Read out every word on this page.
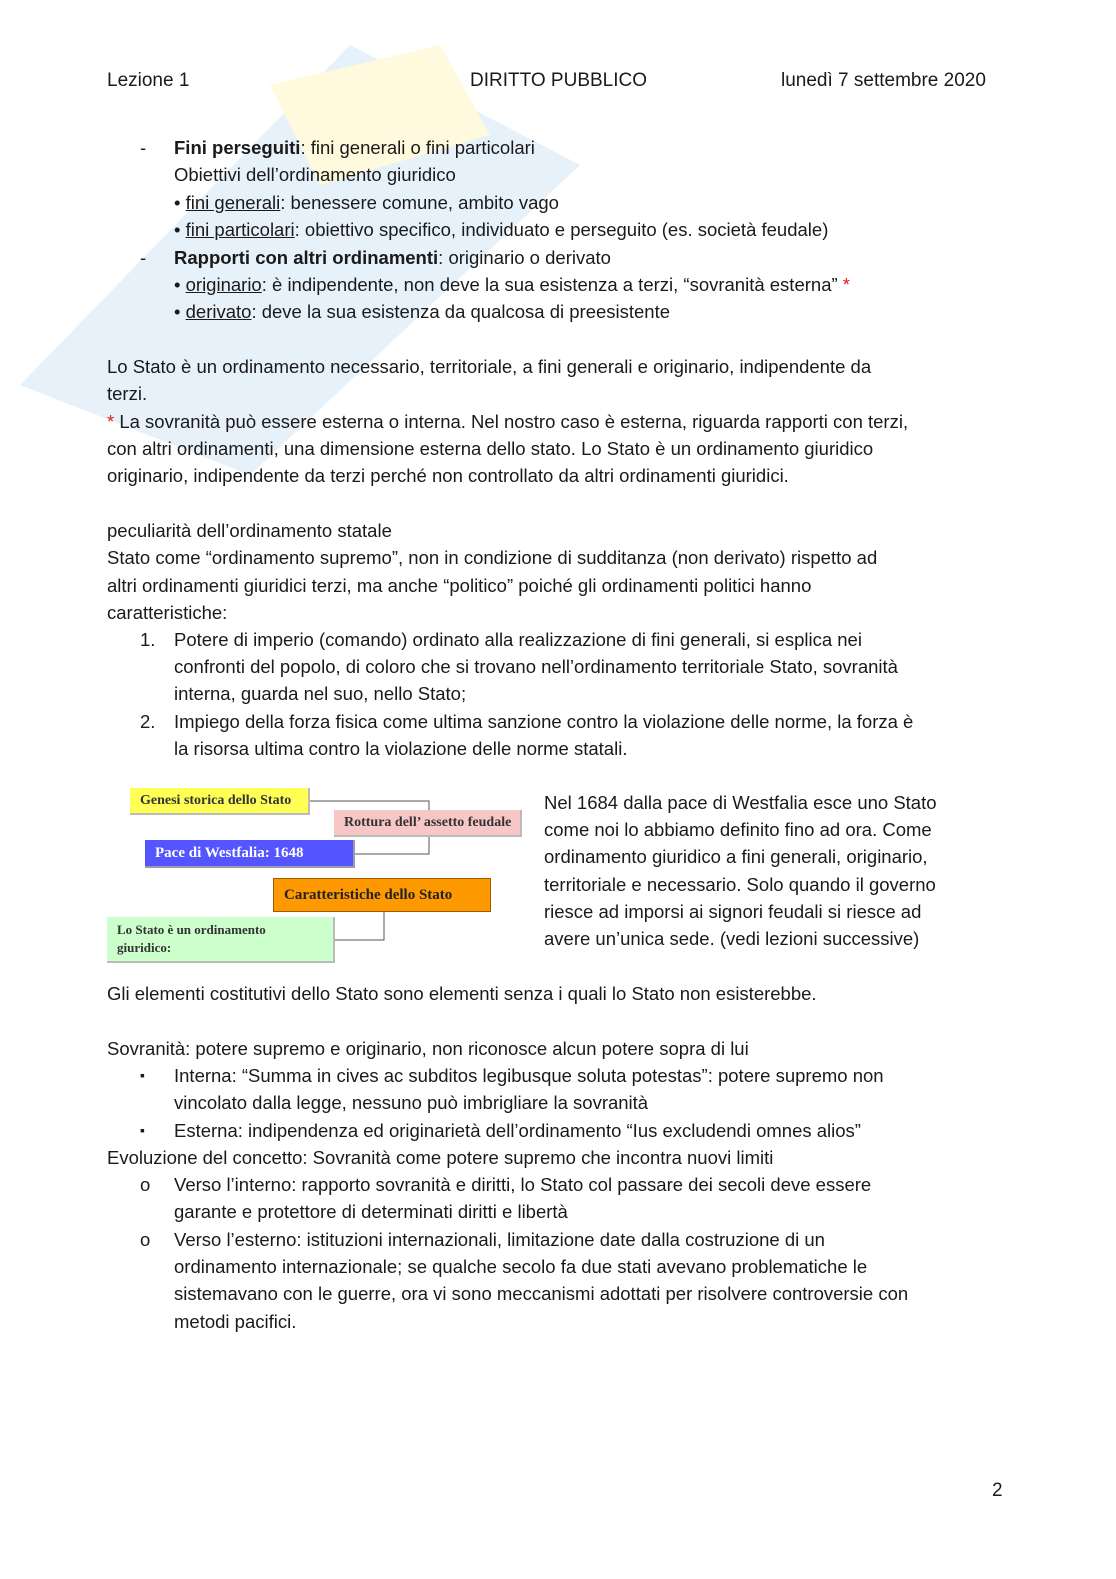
Lezione 1	DIRITTO PUBBLICO	lunedì 7 settembre 2020
- Fini perseguiti: fini generali o fini particolari
Obiettivi dell’ordinamento giuridico
• fini generali: benessere comune, ambito vago
• fini particolari: obiettivo specifico, individuato e perseguito (es. società feudale)
- Rapporti con altri ordinamenti: originario o derivato
• originario: è indipendente, non deve la sua esistenza a terzi, “sovranità esterna” *
• derivato: deve la sua esistenza da qualcosa di preesistente
Lo Stato è un ordinamento necessario, territoriale, a fini generali e originario, indipendente da
terzi.
* La sovranità può essere esterna o interna. Nel nostro caso è esterna, riguarda rapporti con terzi,
con altri ordinamenti, una dimensione esterna dello stato. Lo Stato è un ordinamento giuridico
originario, indipendente da terzi perché non controllato da altri ordinamenti giuridici.
peculiarità dell’ordinamento statale
Stato come “ordinamento supremo”, non in condizione di sudditanza (non derivato) rispetto ad
altri ordinamenti giuridici terzi, ma anche “politico” poiché gli ordinamenti politici hanno
caratteristiche:
1. Potere di imperio (comando) ordinato alla realizzazione di fini generali, si esplica nei
confronti del popolo, di coloro che si trovano nell’ordinamento territoriale Stato, sovranità
interna, guarda nel suo, nello Stato;
2. Impiego della forza fisica come ultima sanzione contro la violazione delle norme, la forza è
la risorsa ultima contro la violazione delle norme statali.
Genesi storica dello Stato
Rottura dell’ assetto feudale
Pace di Westfalia: 1648
Caratteristiche dello Stato
Lo Stato è un ordinamento
giuridico:
Nel 1684 dalla pace di Westfalia esce uno Stato
come noi lo abbiamo definito fino ad ora. Come
ordinamento giuridico a fini generali, originario,
territoriale e necessario. Solo quando il governo
riesce ad imporsi ai signori feudali si riesce ad
avere un’unica sede. (vedi lezioni successive)
Gli elementi costitutivi dello Stato sono elementi senza i quali lo Stato non esisterebbe.
Sovranità: potere supremo e originario, non riconosce alcun potere sopra di lui
▪ Interna: “Summa in cives ac subditos legibusque soluta potestas”: potere supremo non
vincolato dalla legge, nessuno può imbrigliare la sovranità
▪ Esterna: indipendenza ed originarietà dell’ordinamento “Ius excludendi omnes alios”
Evoluzione del concetto: Sovranità come potere supremo che incontra nuovi limiti
o Verso l’interno: rapporto sovranità e diritti, lo Stato col passare dei secoli deve essere
garante e protettore di determinati diritti e libertà
o Verso l’esterno: istituzioni internazionali, limitazione date dalla costruzione di un
ordinamento internazionale; se qualche secolo fa due stati avevano problematiche le
sistemavano con le guerre, ora vi sono meccanismi adottati per risolvere controversie con
metodi pacifici.
2
